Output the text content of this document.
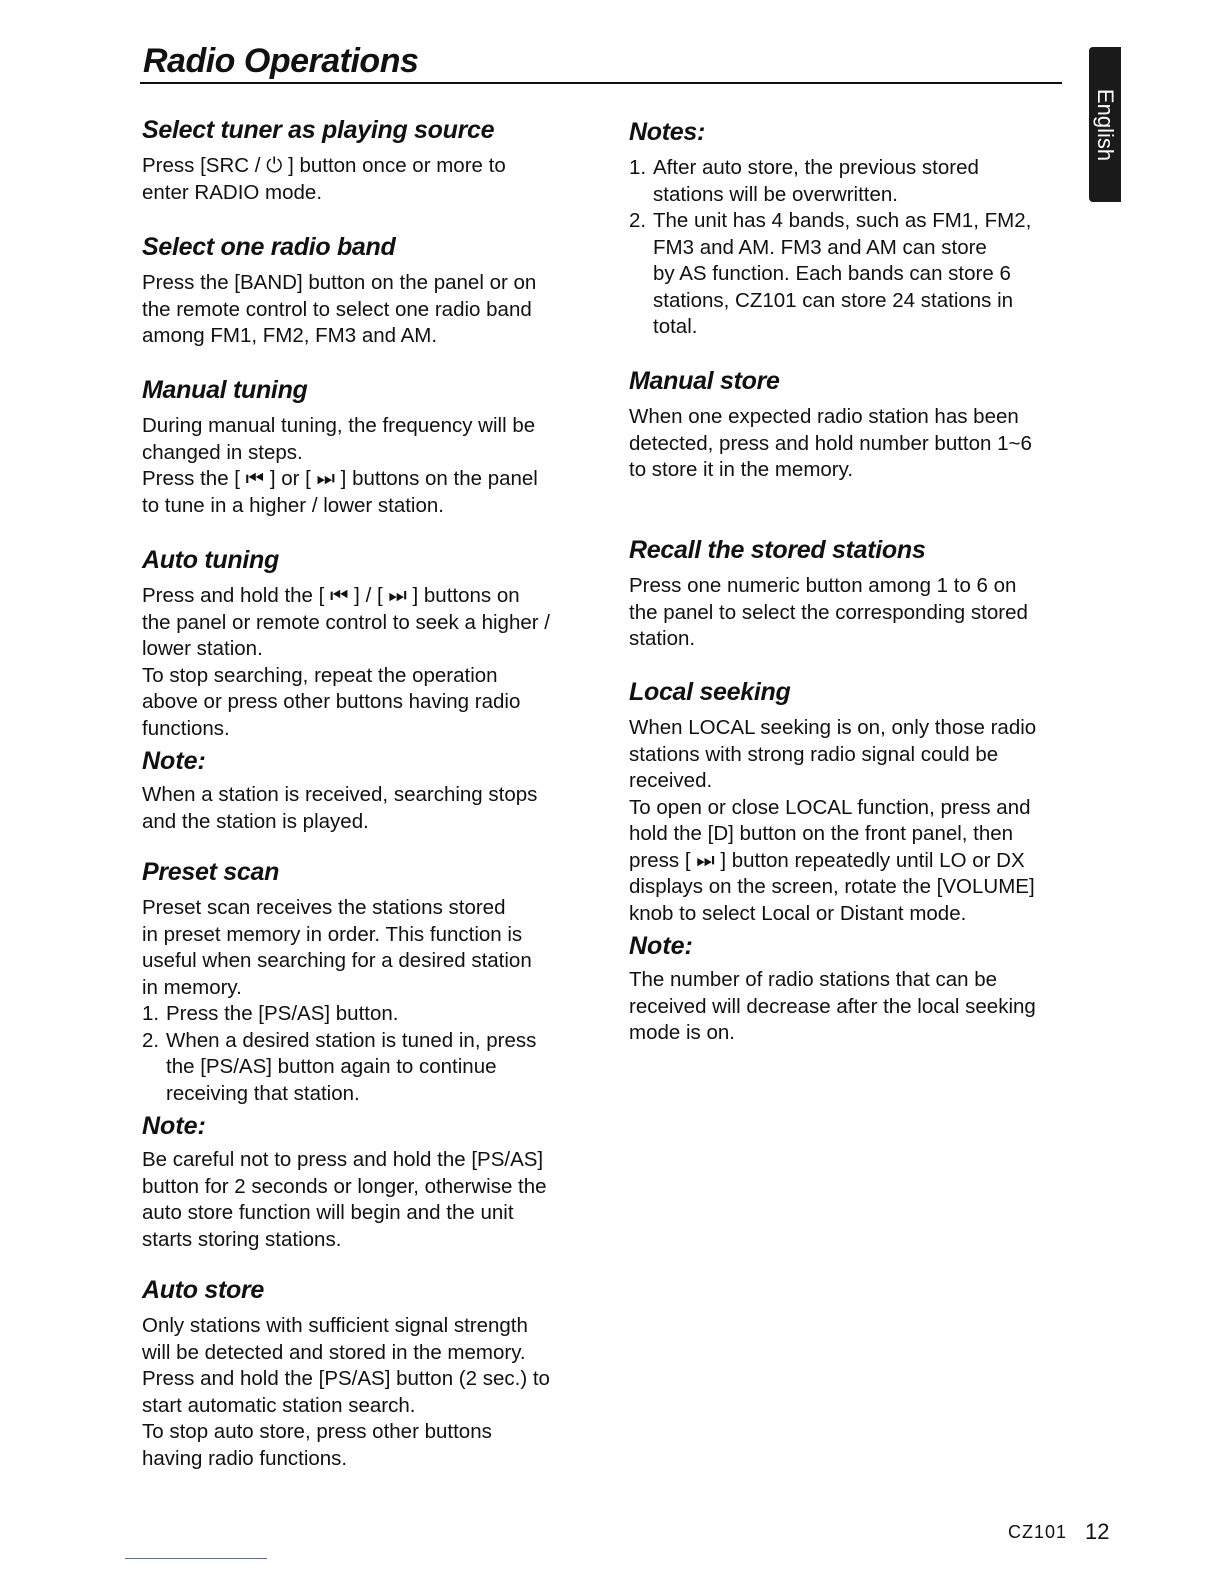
Radio Operations
English
Select tuner as playing source

Press [SRC / ⏻ ] button once or more to
enter RADIO mode.

Select one radio band

Press the [BAND] button on the panel or on
the remote control to select one radio band
among FM1, FM2, FM3 and AM.

Manual tuning

During manual tuning, the frequency will be
changed in steps.
Press the [ ⏮ ] or [ ⏭ ] buttons on the panel
to tune in a higher / lower station.

Auto tuning

Press and hold the [ ⏮ ] / [ ⏭ ] buttons on
the panel or remote control to seek a higher /
lower station.
To stop searching, repeat the operation
above or press other buttons having radio
functions.

Note:

When a station is received, searching stops
and the station is played.

Preset scan

Preset scan receives the stations stored
in preset memory in order. This function is
useful when searching for a desired station
in memory.

1. Press the [PS/AS] button.
2. When a desired station is tuned in, press
the [PS/AS] button again to continue
receiving that station.
Note:

Be careful not to press and hold the [PS/AS]
button for 2 seconds or longer, otherwise the
auto store function will begin and the unit
starts storing stations.

Auto store

Only stations with sufficient signal strength
will be detected and stored in the memory.
Press and hold the [PS/AS] button (2 sec.) to
start automatic station search.
To stop auto store, press other buttons
having radio functions.

Notes:
1. After auto store, the previous stored
stations will be overwritten.
2. The unit has 4 bands, such as FM1, FM2,
FM3 and AM. FM3 and AM can store
by AS function. Each bands can store 6
stations, CZ101 can store 24 stations in
total.
Manual store

When one expected radio station has been
detected, press and hold number button 1~6
to store it in the memory.

Recall the stored stations

Press one numeric button among 1 to 6 on
the panel to select the corresponding stored
station.

Local seeking

When LOCAL seeking is on, only those radio
stations with strong radio signal could be
received.
To open or close LOCAL function, press and
hold the [D] button on the front panel, then
press [ ⏭ ] button repeatedly until LO or DX
displays on the screen, rotate the [VOLUME]
knob to select Local or Distant mode.

Note:

The number of radio stations that can be
received will decrease after the local seeking
mode is on.

CZ101 12
